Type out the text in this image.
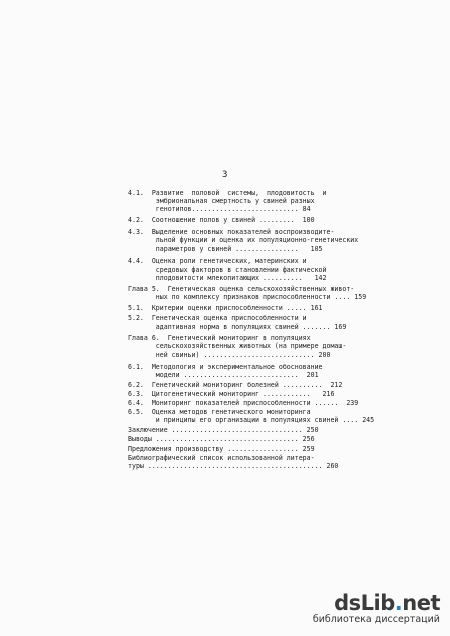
3
4.1.  Развитие  половой  системы,  плодовитость  и
эмбриональная смертность у свиней разных
генотипов........................... 84
4.2.  Соотношение полов у свиней .........  100
4.3.  Выделение основных показателей воспроизводите-
льной функции и оценка их популяционно-генетических
параметров у свиней ................   105
4.4.  Оценка роли генетических, материнских и
средовых факторов в становлении фактической
плодовитости млекопитающих ..........   142
Глава 5.  Генетическая оценка сельскохозяйственных живот-
ных по комплексу признаков приспособленности .... 159
5.1.  Критерии оценки приспособленности ..... 161
5.2.  Генетическая оценка приспособленности и
адаптивная норма в популяциях свиней ....... 169
Глава 6.  Генетический мониторинг в популяциях
сельскохозяйственных животных (на примере домаш-
ней свиньи) ............................ 200
6.1.  Методология и экспериментальное обоснование
модели .............................  201
6.2.  Генетический мониторинг болезней ..........  212
6.3.  Цитогенетический мониторинг ............   216
6.4.  Мониторинг показателей приспособленности ......  239
6.5.  Оценка методов генетического мониторинга
и принципы его организации в популяциях свиней .... 245
Заключение ................................. 250
Выводы .................................... 256
Предложения производству .................. 259
Библиографический список использованной литера-
туры ............................................ 260
dsLib.net
библиотека диссертаций
